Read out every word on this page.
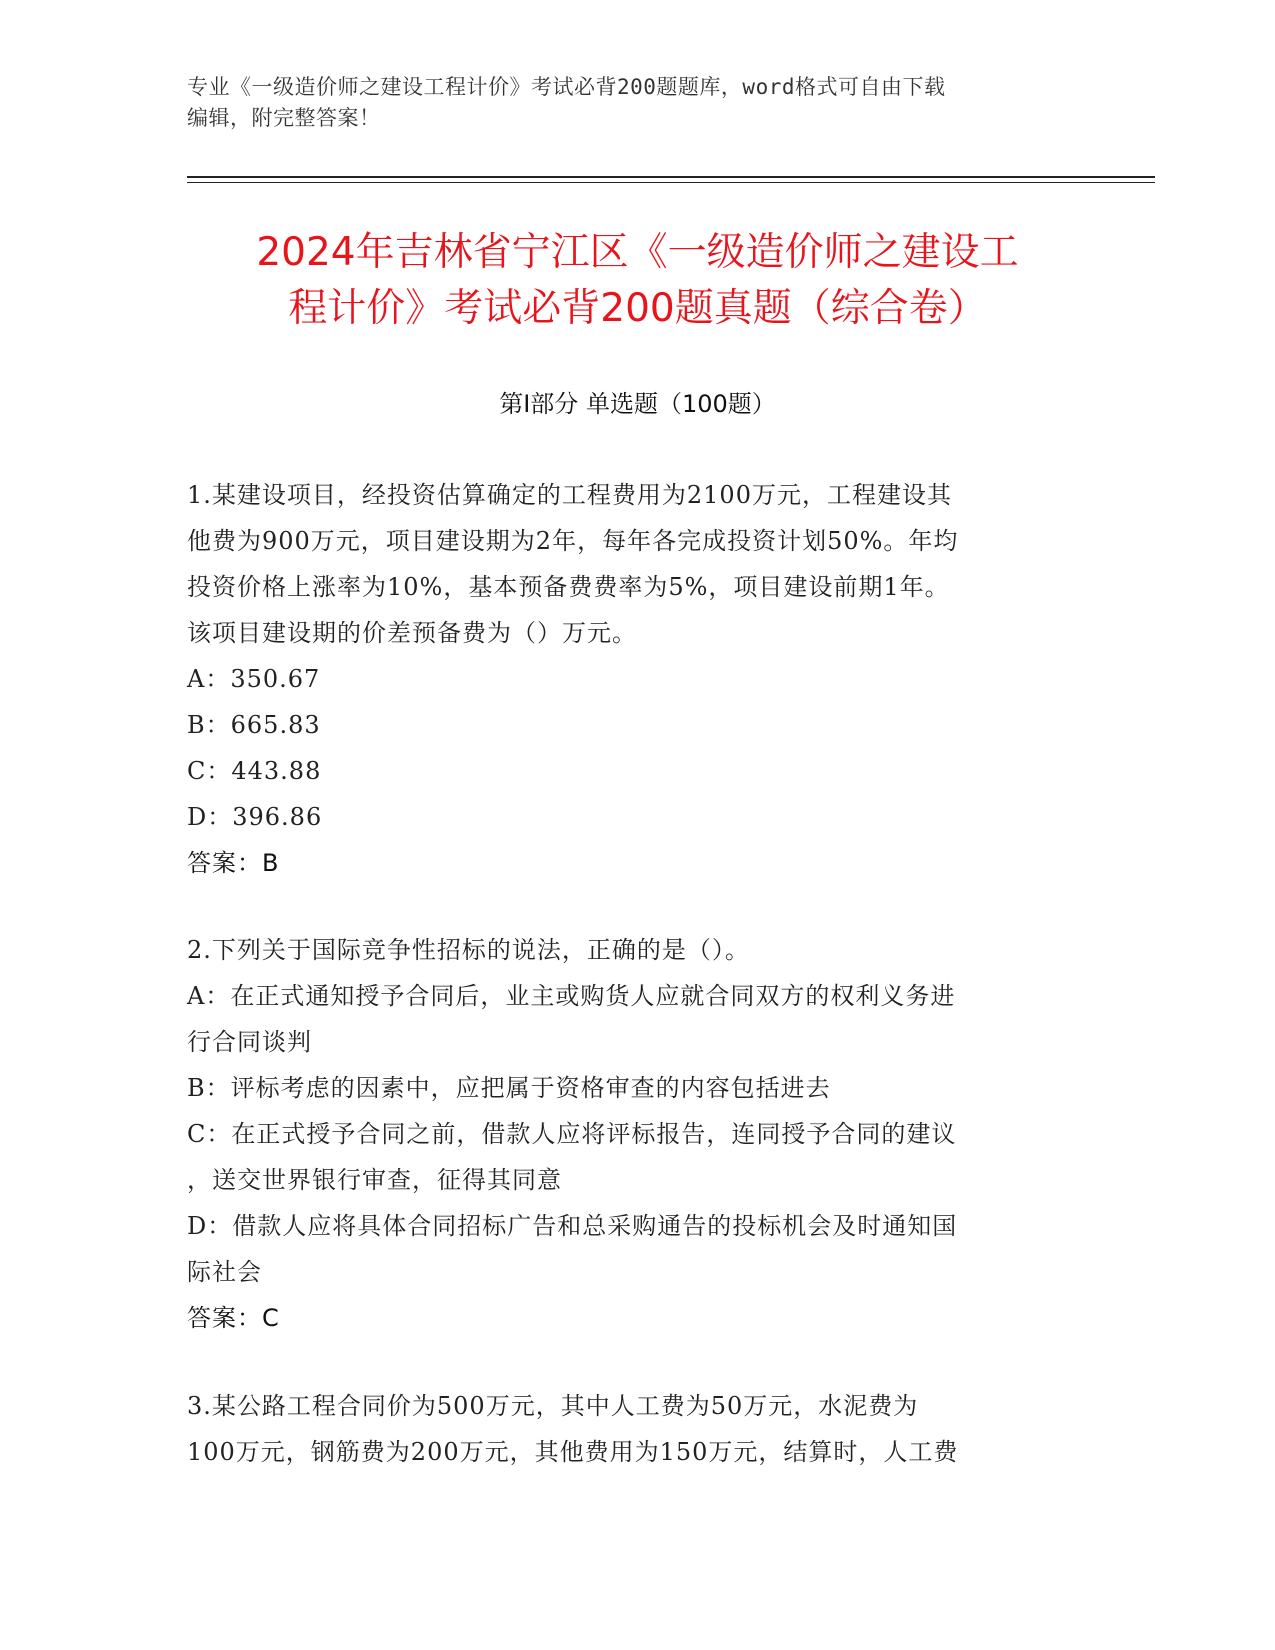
专业《一级造价师之建设工程计价》考试必背200题题库，word格式可自由下载
编辑，附完整答案！
2024年吉林省宁江区《一级造价师之建设工
程计价》考试必背200题真题（综合卷）
第I部分 单选题（100题）
1.某建设项目，经投资估算确定的工程费用为2100万元，工程建设其
他费为900万元，项目建设期为2年，每年各完成投资计划50%。年均
投资价格上涨率为10%，基本预备费费率为5%，项目建设前期1年。
该项目建设期的价差预备费为（）万元。
A：350.67
B：665.83
C：443.88
D：396.86
答案：B
2.下列关于国际竞争性招标的说法，正确的是（）。
A：在正式通知授予合同后，业主或购货人应就合同双方的权利义务进
行合同谈判
B：评标考虑的因素中，应把属于资格审查的内容包括进去
C：在正式授予合同之前，借款人应将评标报告，连同授予合同的建议
，送交世界银行审查，征得其同意
D：借款人应将具体合同招标广告和总采购通告的投标机会及时通知国
际社会
答案：C
3.某公路工程合同价为500万元，其中人工费为50万元，水泥费为
100万元，钢筋费为200万元，其他费用为150万元，结算时，人工费
